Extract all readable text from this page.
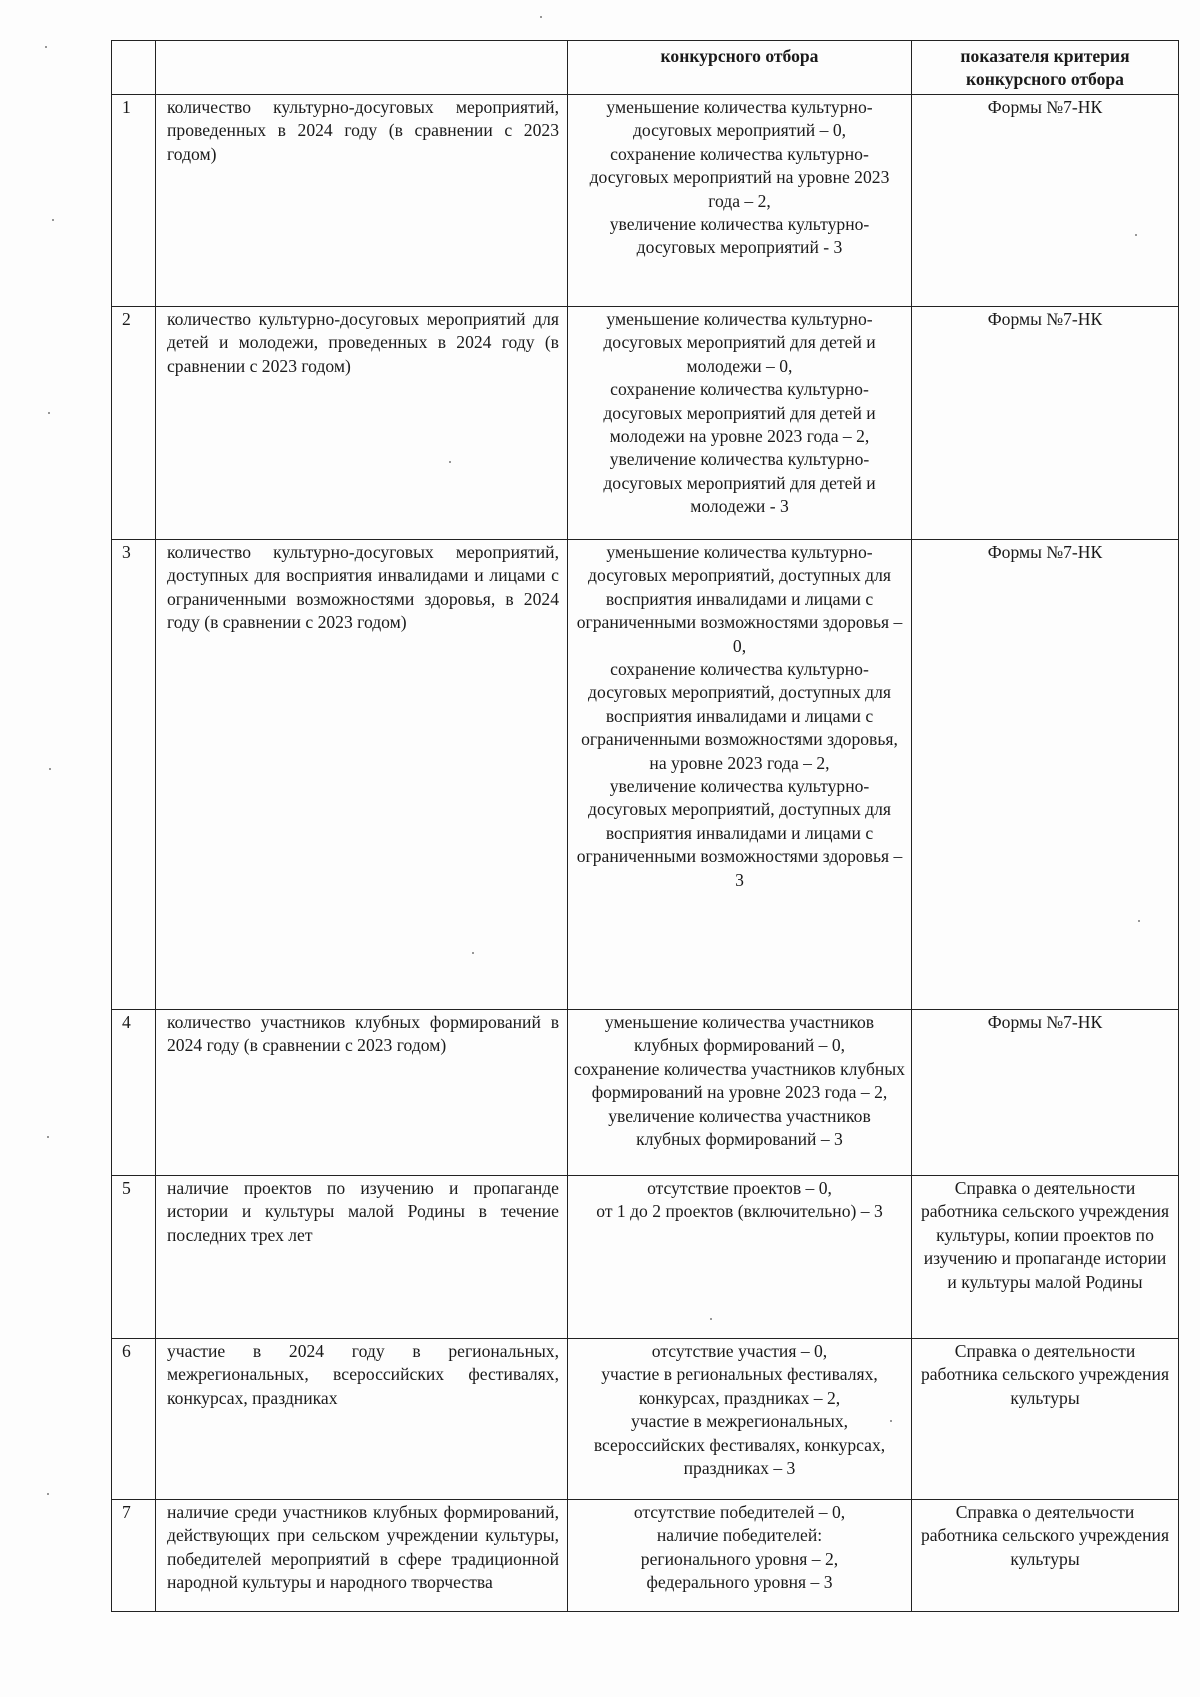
		конкурсного отбора	показателя критерия
конкурсного отбора
1	количество культурно-досуговых мероприятий, проведенных в 2024 году (в сравнении с 2023 годом)	уменьшение количества культурно-досуговых мероприятий – 0,
сохранение количества культурно-досуговых мероприятий на уровне 2023 года – 2,
увеличение количества культурно-досуговых мероприятий - 3	Формы №7-НК
2	количество культурно-досуговых мероприятий для детей и молодежи, проведенных в 2024 году (в сравнении с 2023 годом)	уменьшение количества культурно-досуговых мероприятий для детей и молодежи – 0,
сохранение количества культурно-досуговых мероприятий для детей и молодежи на уровне 2023 года – 2,
увеличение количества культурно-досуговых мероприятий для детей и молодежи - 3	Формы №7-НК
3	количество культурно-досуговых мероприятий, доступных для восприятия инвалидами и лицами с ограниченными возможностями здоровья, в 2024 году (в сравнении с 2023 годом)	уменьшение количества культурно-досуговых мероприятий, доступных для восприятия инвалидами и лицами с ограниченными возможностями здоровья – 0,
сохранение количества культурно-досуговых мероприятий, доступных для восприятия инвалидами и лицами с ограниченными возможностями здоровья, на уровне 2023 года – 2,
увеличение количества культурно-досуговых мероприятий, доступных для восприятия инвалидами и лицами с ограниченными возможностями здоровья – 3	Формы №7-НК
4	количество участников клубных формирований в 2024 году (в сравнении с 2023 годом)	уменьшение количества участников клубных формирований – 0,
сохранение количества участников клубных формирований на уровне 2023 года – 2,
увеличение количества участников клубных формирований – 3	Формы №7-НК
5	наличие проектов по изучению и пропаганде истории и культуры малой Родины в течение последних трех лет	отсутствие проектов – 0,
от 1 до 2 проектов (включительно) – 3	Справка о деятельности работника сельского учреждения культуры, копии проектов по изучению и пропаганде истории и культуры малой Родины
6	участие в 2024 году в региональных, межрегиональных, всероссийских фестивалях, конкурсах, праздниках	отсутствие участия – 0,
участие в региональных фестивалях, конкурсах, праздниках – 2,
участие в межрегиональных, всероссийских фестивалях, конкурсах, праздниках – 3	Справка о деятельности работника сельского учреждения культуры
7	наличие среди участников клубных формирований, действующих при сельском учреждении культуры, победителей мероприятий в сфере традиционной народной культуры и народного творчества	отсутствие победителей – 0,
наличие победителей:
регионального уровня – 2,
федерального уровня – 3	Справка о деятельчости работника сельского учреждения культуры
